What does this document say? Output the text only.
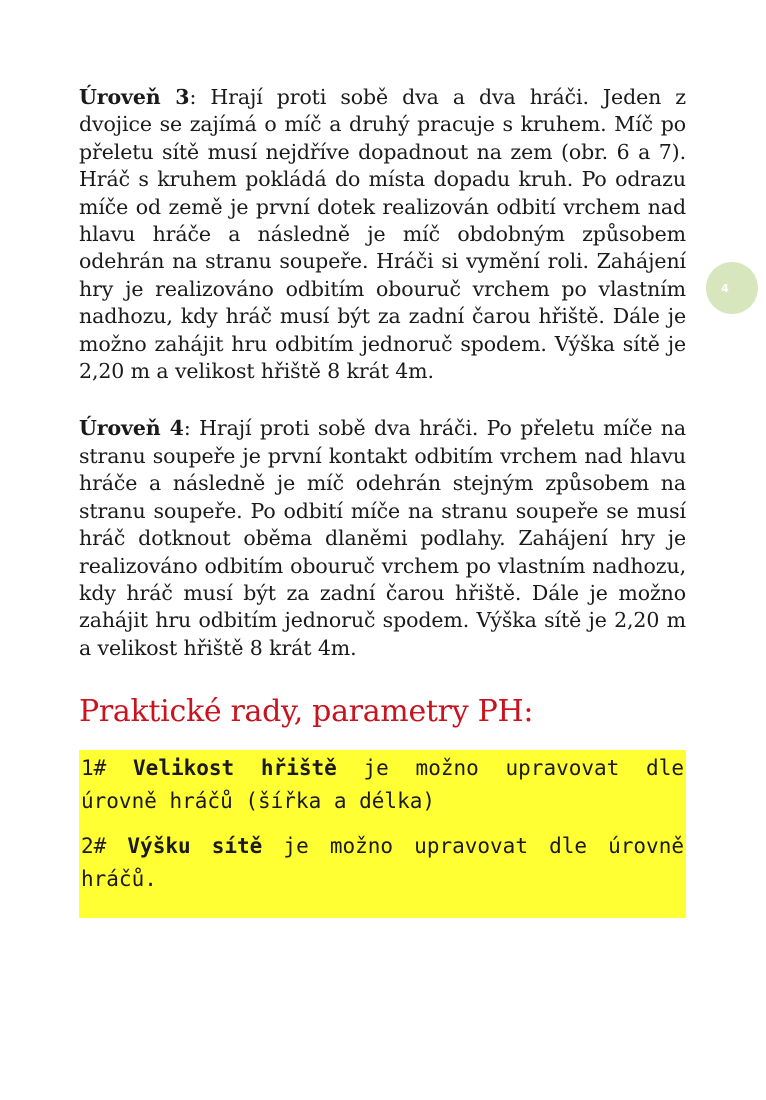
4

Úroveň 3: Hrají proti sobě dva a dva hráči. Jeden z dvojice se zajímá o míč a druhý pracuje s kruhem. Míč po přeletu sítě musí nejdříve dopadnout na zem (obr. 6 a 7). Hráč s kruhem pokládá do místa dopadu kruh. Po odrazu míče od země je první dotek realizován odbití vrchem nad hlavu hráče a následně je míč obdobným způsobem odehrán na stranu soupeře. Hráči si vymění roli. Zahájení hry je realizováno odbitím obouruč vrchem po vlastním nadhozu, kdy hráč musí být za zadní čarou hřiště. Dále je možno zahájit hru odbitím jednoruč spodem. Výška sítě je 2,20 m a velikost hřiště 8 krát 4m.

Úroveň 4: Hrají proti sobě dva hráči. Po přeletu míče na stranu soupeře je první kontakt odbitím vrchem nad hlavu hráče a následně je míč odehrán stejným způsobem na stranu soupeře. Po odbití míče na stranu soupeře se musí hráč dotknout oběma dlaněmi podlahy. Zahájení hry je realizováno odbitím obouruč vrchem po vlastním nadhozu, kdy hráč musí být za zadní čarou hřiště. Dále je možno zahájit hru odbitím jednoruč spodem. Výška sítě je 2,20 m a velikost hřiště 8 krát 4m.

Praktické rady, parametry PH:

1# Velikost hřiště je možno upravovat dle úrovně hráčů (šířka a délka)

2# Výšku sítě je možno upravovat dle úrovně hráčů.
